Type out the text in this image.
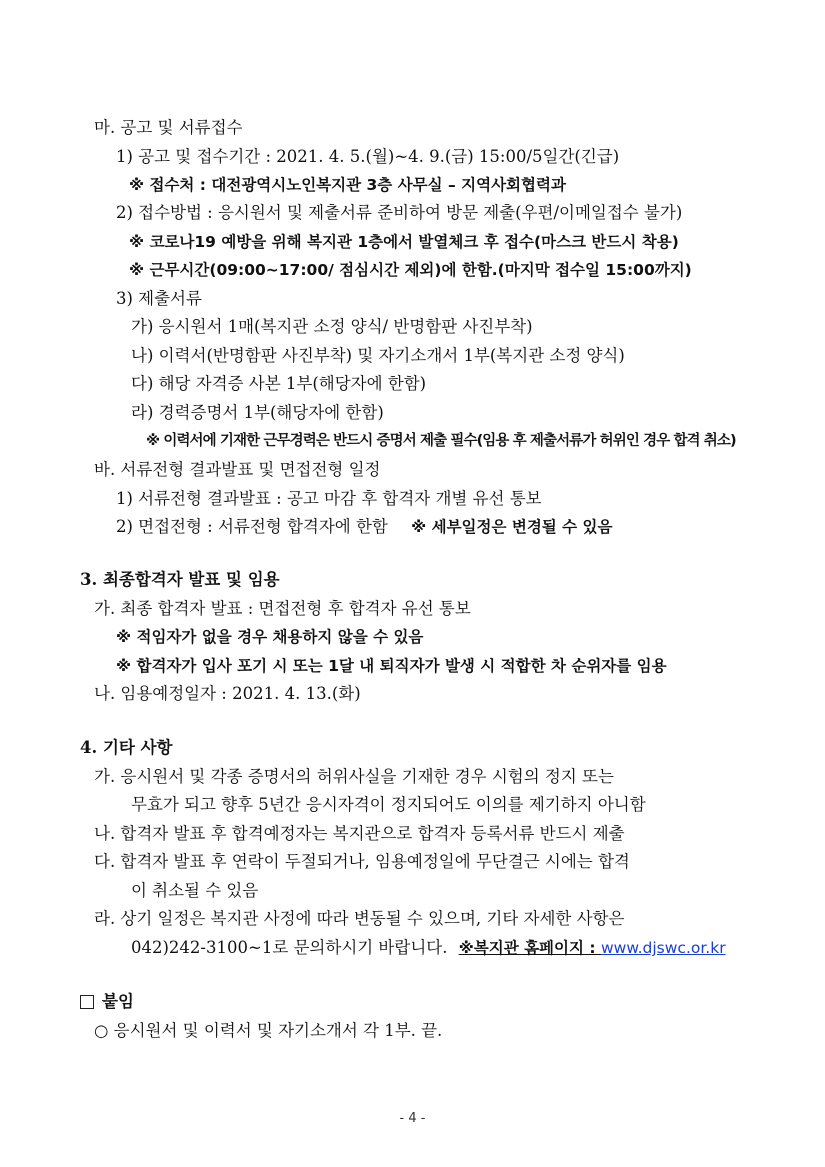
마. 공고 및 서류접수
1) 공고 및 접수기간 : 2021. 4. 5.(월)~4. 9.(금) 15:00/5일간(긴급)
※ 접수처 : 대전광역시노인복지관 3층 사무실 – 지역사회협력과
2) 접수방법 : 응시원서 및 제출서류 준비하여 방문 제출(우편/이메일접수 불가)
※ 코로나19 예방을 위해 복지관 1층에서 발열체크 후 접수(마스크 반드시 착용)
※ 근무시간(09:00~17:00/ 점심시간 제외)에 한함.(마지막 접수일 15:00까지)
3) 제출서류
가) 응시원서 1매(복지관 소정 양식/ 반명함판 사진부착)
나) 이력서(반명함판 사진부착) 및 자기소개서 1부(복지관 소정 양식)
다) 해당 자격증 사본 1부(해당자에 한함)
라) 경력증명서 1부(해당자에 한함)
※ 이력서에 기재한 근무경력은 반드시 증명서 제출 필수(임용 후 제출서류가 허위인 경우 합격 취소)
바. 서류전형 결과발표 및 면접전형 일정
1) 서류전형 결과발표 : 공고 마감 후 합격자 개별 유선 통보
2) 면접전형 : 서류전형 합격자에 한함 ※ 세부일정은 변경될 수 있음
3. 최종합격자 발표 및 임용
가. 최종 합격자 발표 : 면접전형 후 합격자 유선 통보
※ 적임자가 없을 경우 채용하지 않을 수 있음
※ 합격자가 입사 포기 시 또는 1달 내 퇴직자가 발생 시 적합한 차 순위자를 임용
나. 임용예정일자 : 2021. 4. 13.(화)
4. 기타 사항
가. 응시원서 및 각종 증명서의 허위사실을 기재한 경우 시험의 정지 또는
무효가 되고 향후 5년간 응시자격이 정지되어도 이의를 제기하지 아니함
나. 합격자 발표 후 합격예정자는 복지관으로 합격자 등록서류 반드시 제출
다. 합격자 발표 후 연락이 두절되거나, 임용예정일에 무단결근 시에는 합격
이 취소될 수 있음
라. 상기 일정은 복지관 사정에 따라 변동될 수 있으며, 기타 자세한 사항은
042)242-3100~1로 문의하시기 바랍니다. ※복지관 홈페이지 : www.djswc.or.kr
붙임
○ 응시원서 및 이력서 및 자기소개서 각 1부. 끝.
- 4 -
